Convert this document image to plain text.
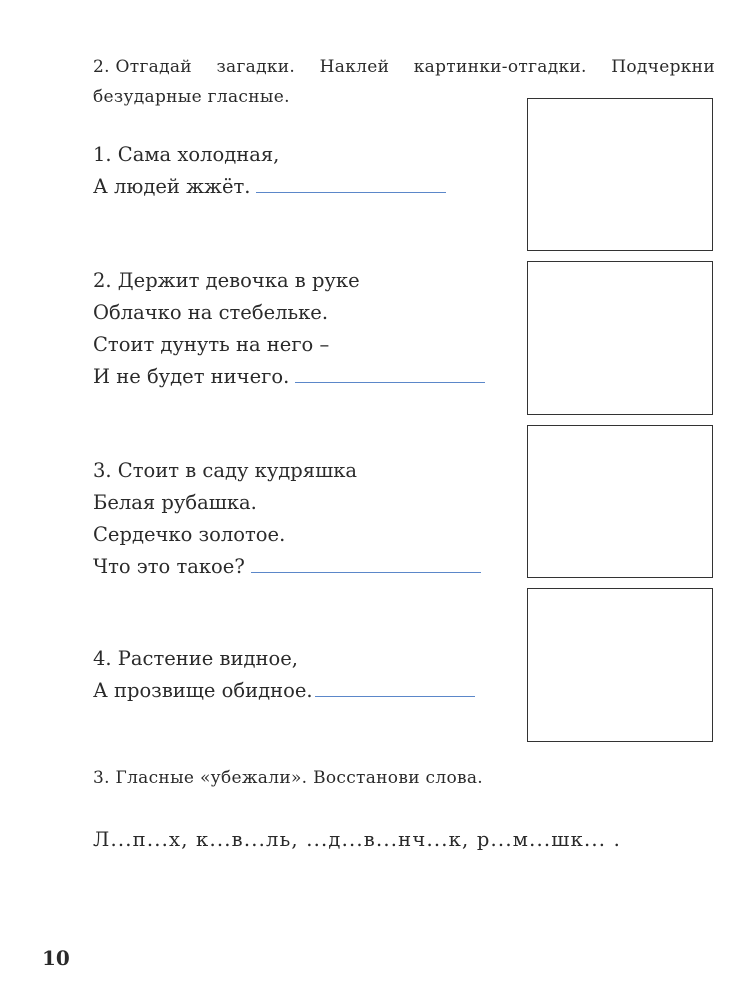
2. Отгадай загадки. Наклей картинки-отгадки. Подчеркни
безударные гласные.
1. Сама холодная,
А людей жжёт.
2. Держит девочка в руке
Облачко на стебельке.
Стоит дунуть на него –
И не будет ничего.
3. Стоит в саду кудряшка
Белая рубашка.
Сердечко золотое.
Что это такое?
4. Растение видное,
А прозвище обидное.
3. Гласные «убежали». Восстанови слова.
Л...п...х, к...в...ль, ...д...в...нч...к, р...м...шк... .
10
